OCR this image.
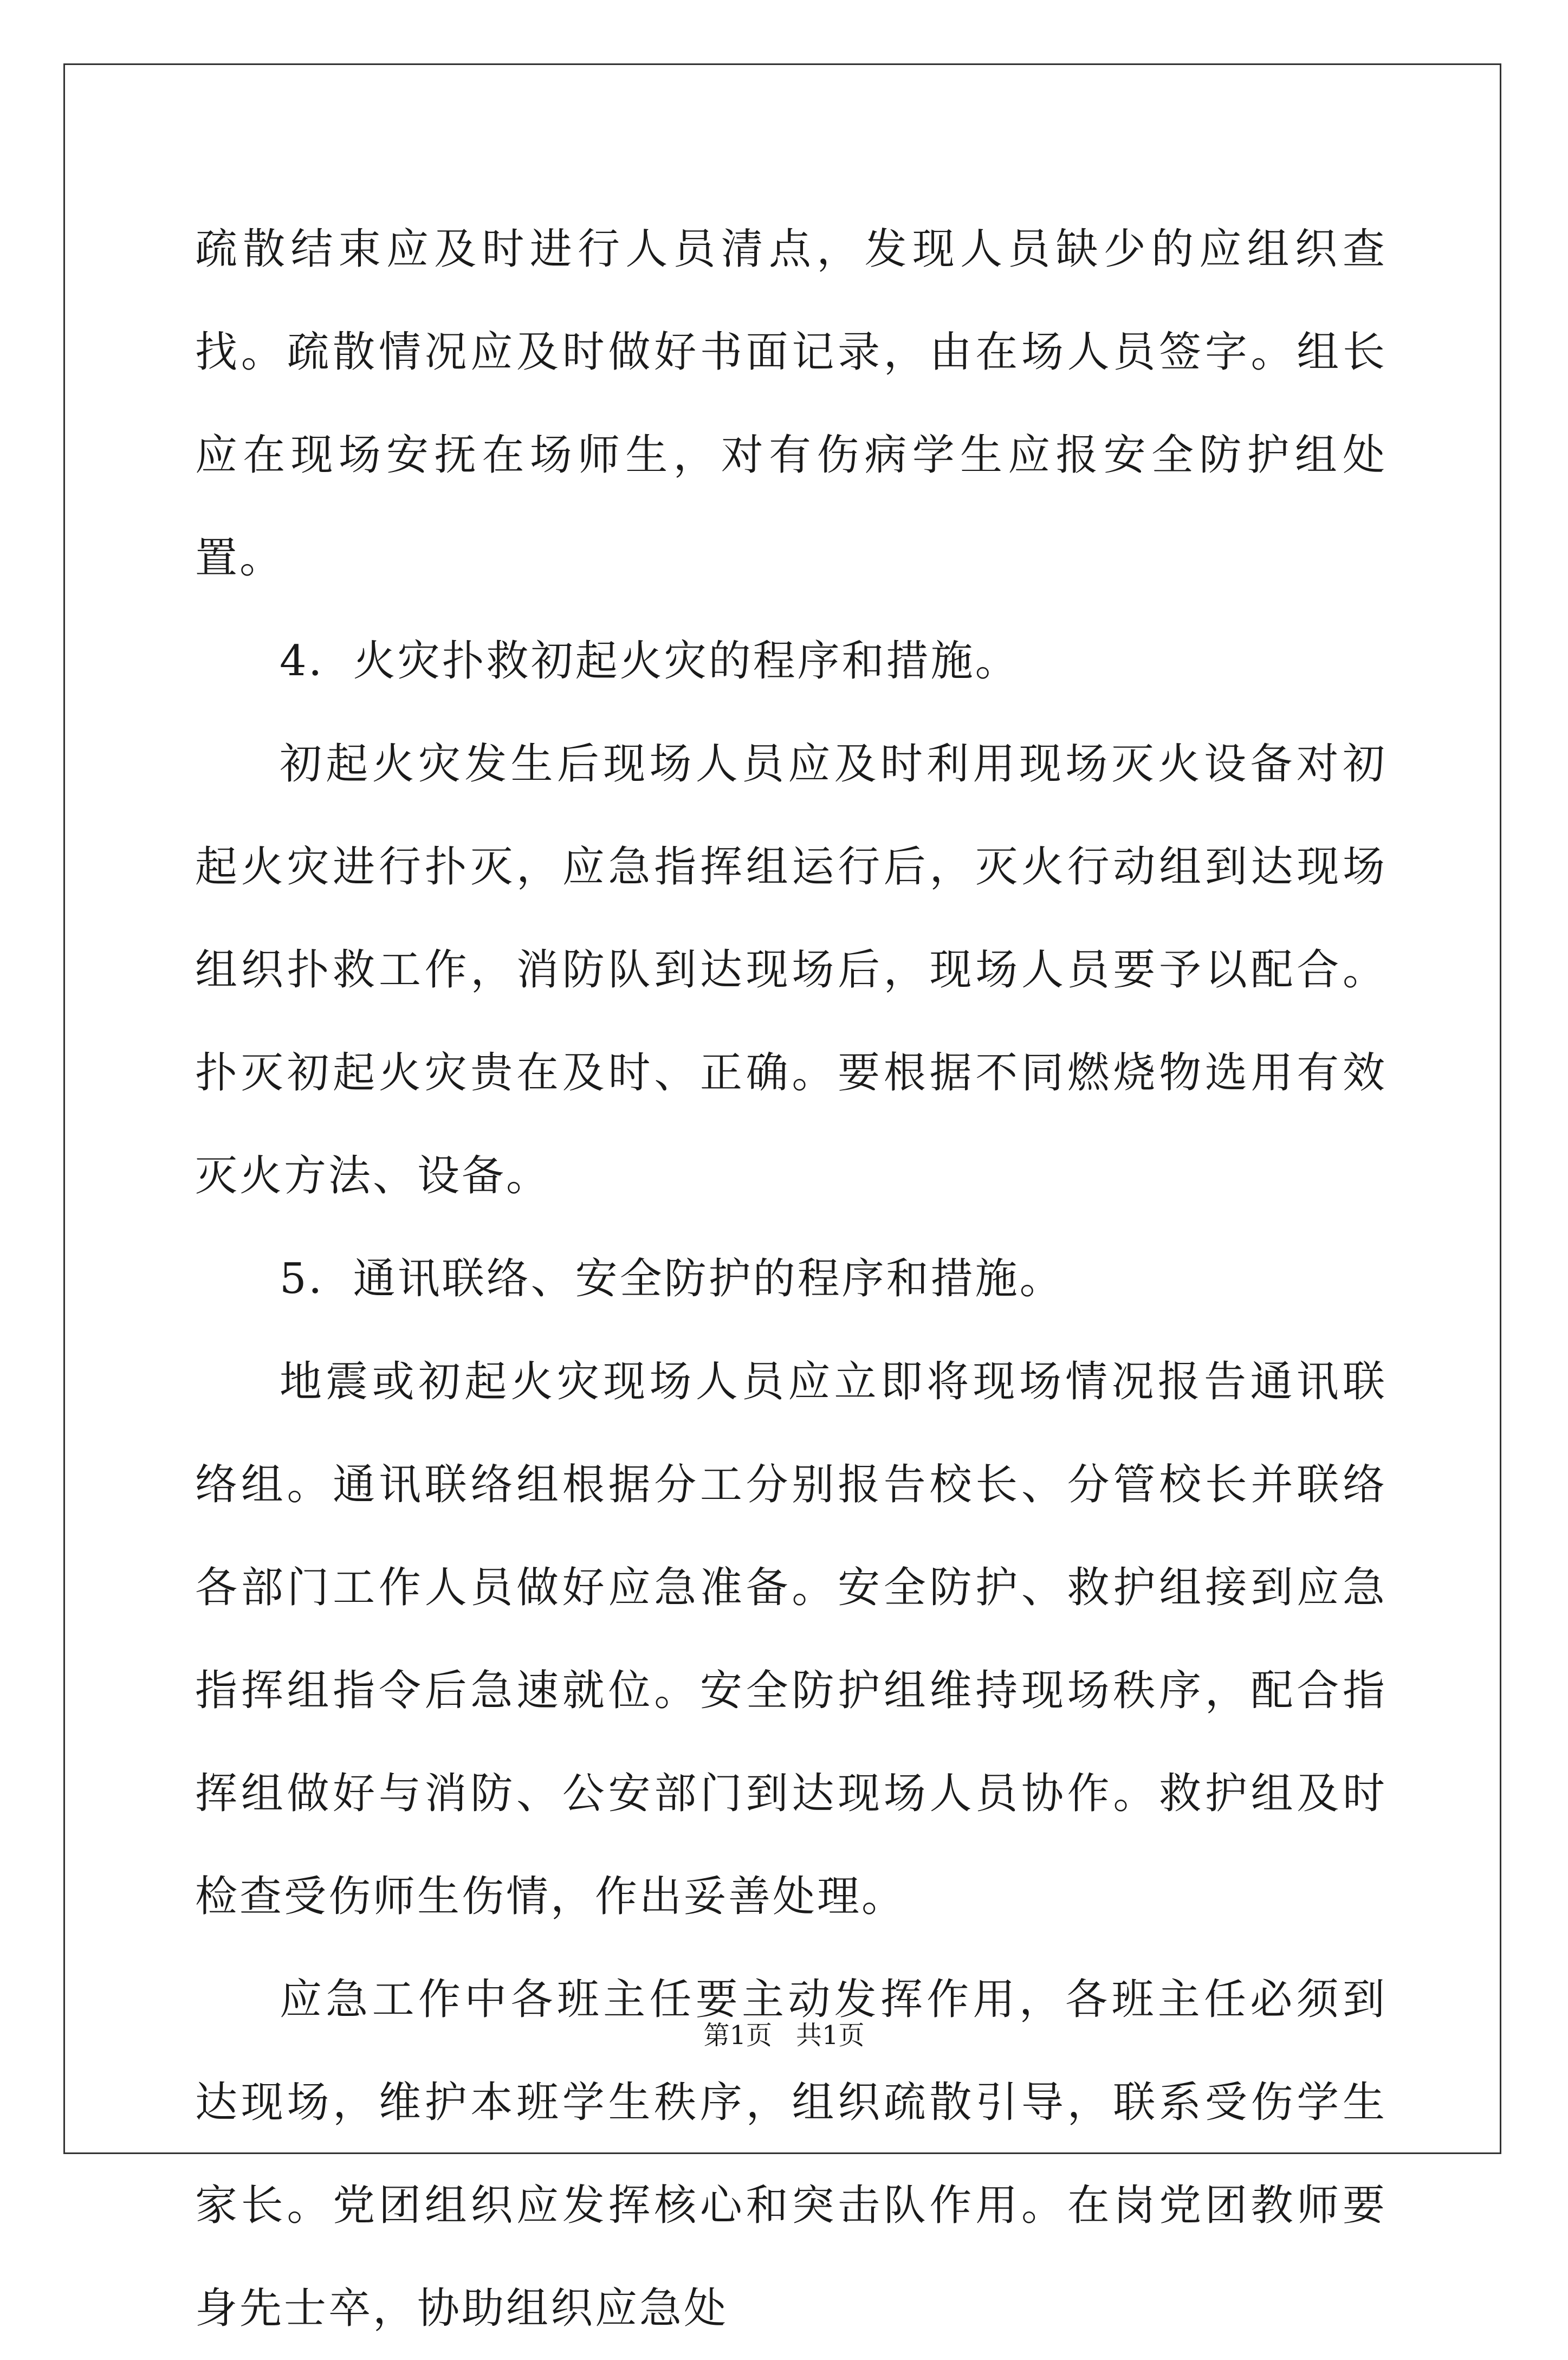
疏散结束应及时进行人员清点，发现人员缺少的应组织查找。疏散情况应及时做好书面记录，由在场人员签字。组长应在现场安抚在场师生，对有伤病学生应报安全防护组处置。

4．火灾扑救初起火灾的程序和措施。

初起火灾发生后现场人员应及时利用现场灭火设备对初起火灾进行扑灭，应急指挥组运行后，灭火行动组到达现场组织扑救工作，消防队到达现场后，现场人员要予以配合。扑灭初起火灾贵在及时、正确。要根据不同燃烧物选用有效灭火方法、设备。

5．通讯联络、安全防护的程序和措施。

地震或初起火灾现场人员应立即将现场情况报告通讯联络组。通讯联络组根据分工分别报告校长、分管校长并联络各部门工作人员做好应急准备。安全防护、救护组接到应急指挥组指令后急速就位。安全防护组维持现场秩序，配合指挥组做好与消防、公安部门到达现场人员协作。救护组及时检查受伤师生伤情，作出妥善处理。

应急工作中各班主任要主动发挥作用，各班主任必须到达现场，维护本班学生秩序，组织疏散引导，联系受伤学生家长。党团组织应发挥核心和突击队作用。在岗党团教师要身先士卒，协助组织应急处

第1页 共1页
